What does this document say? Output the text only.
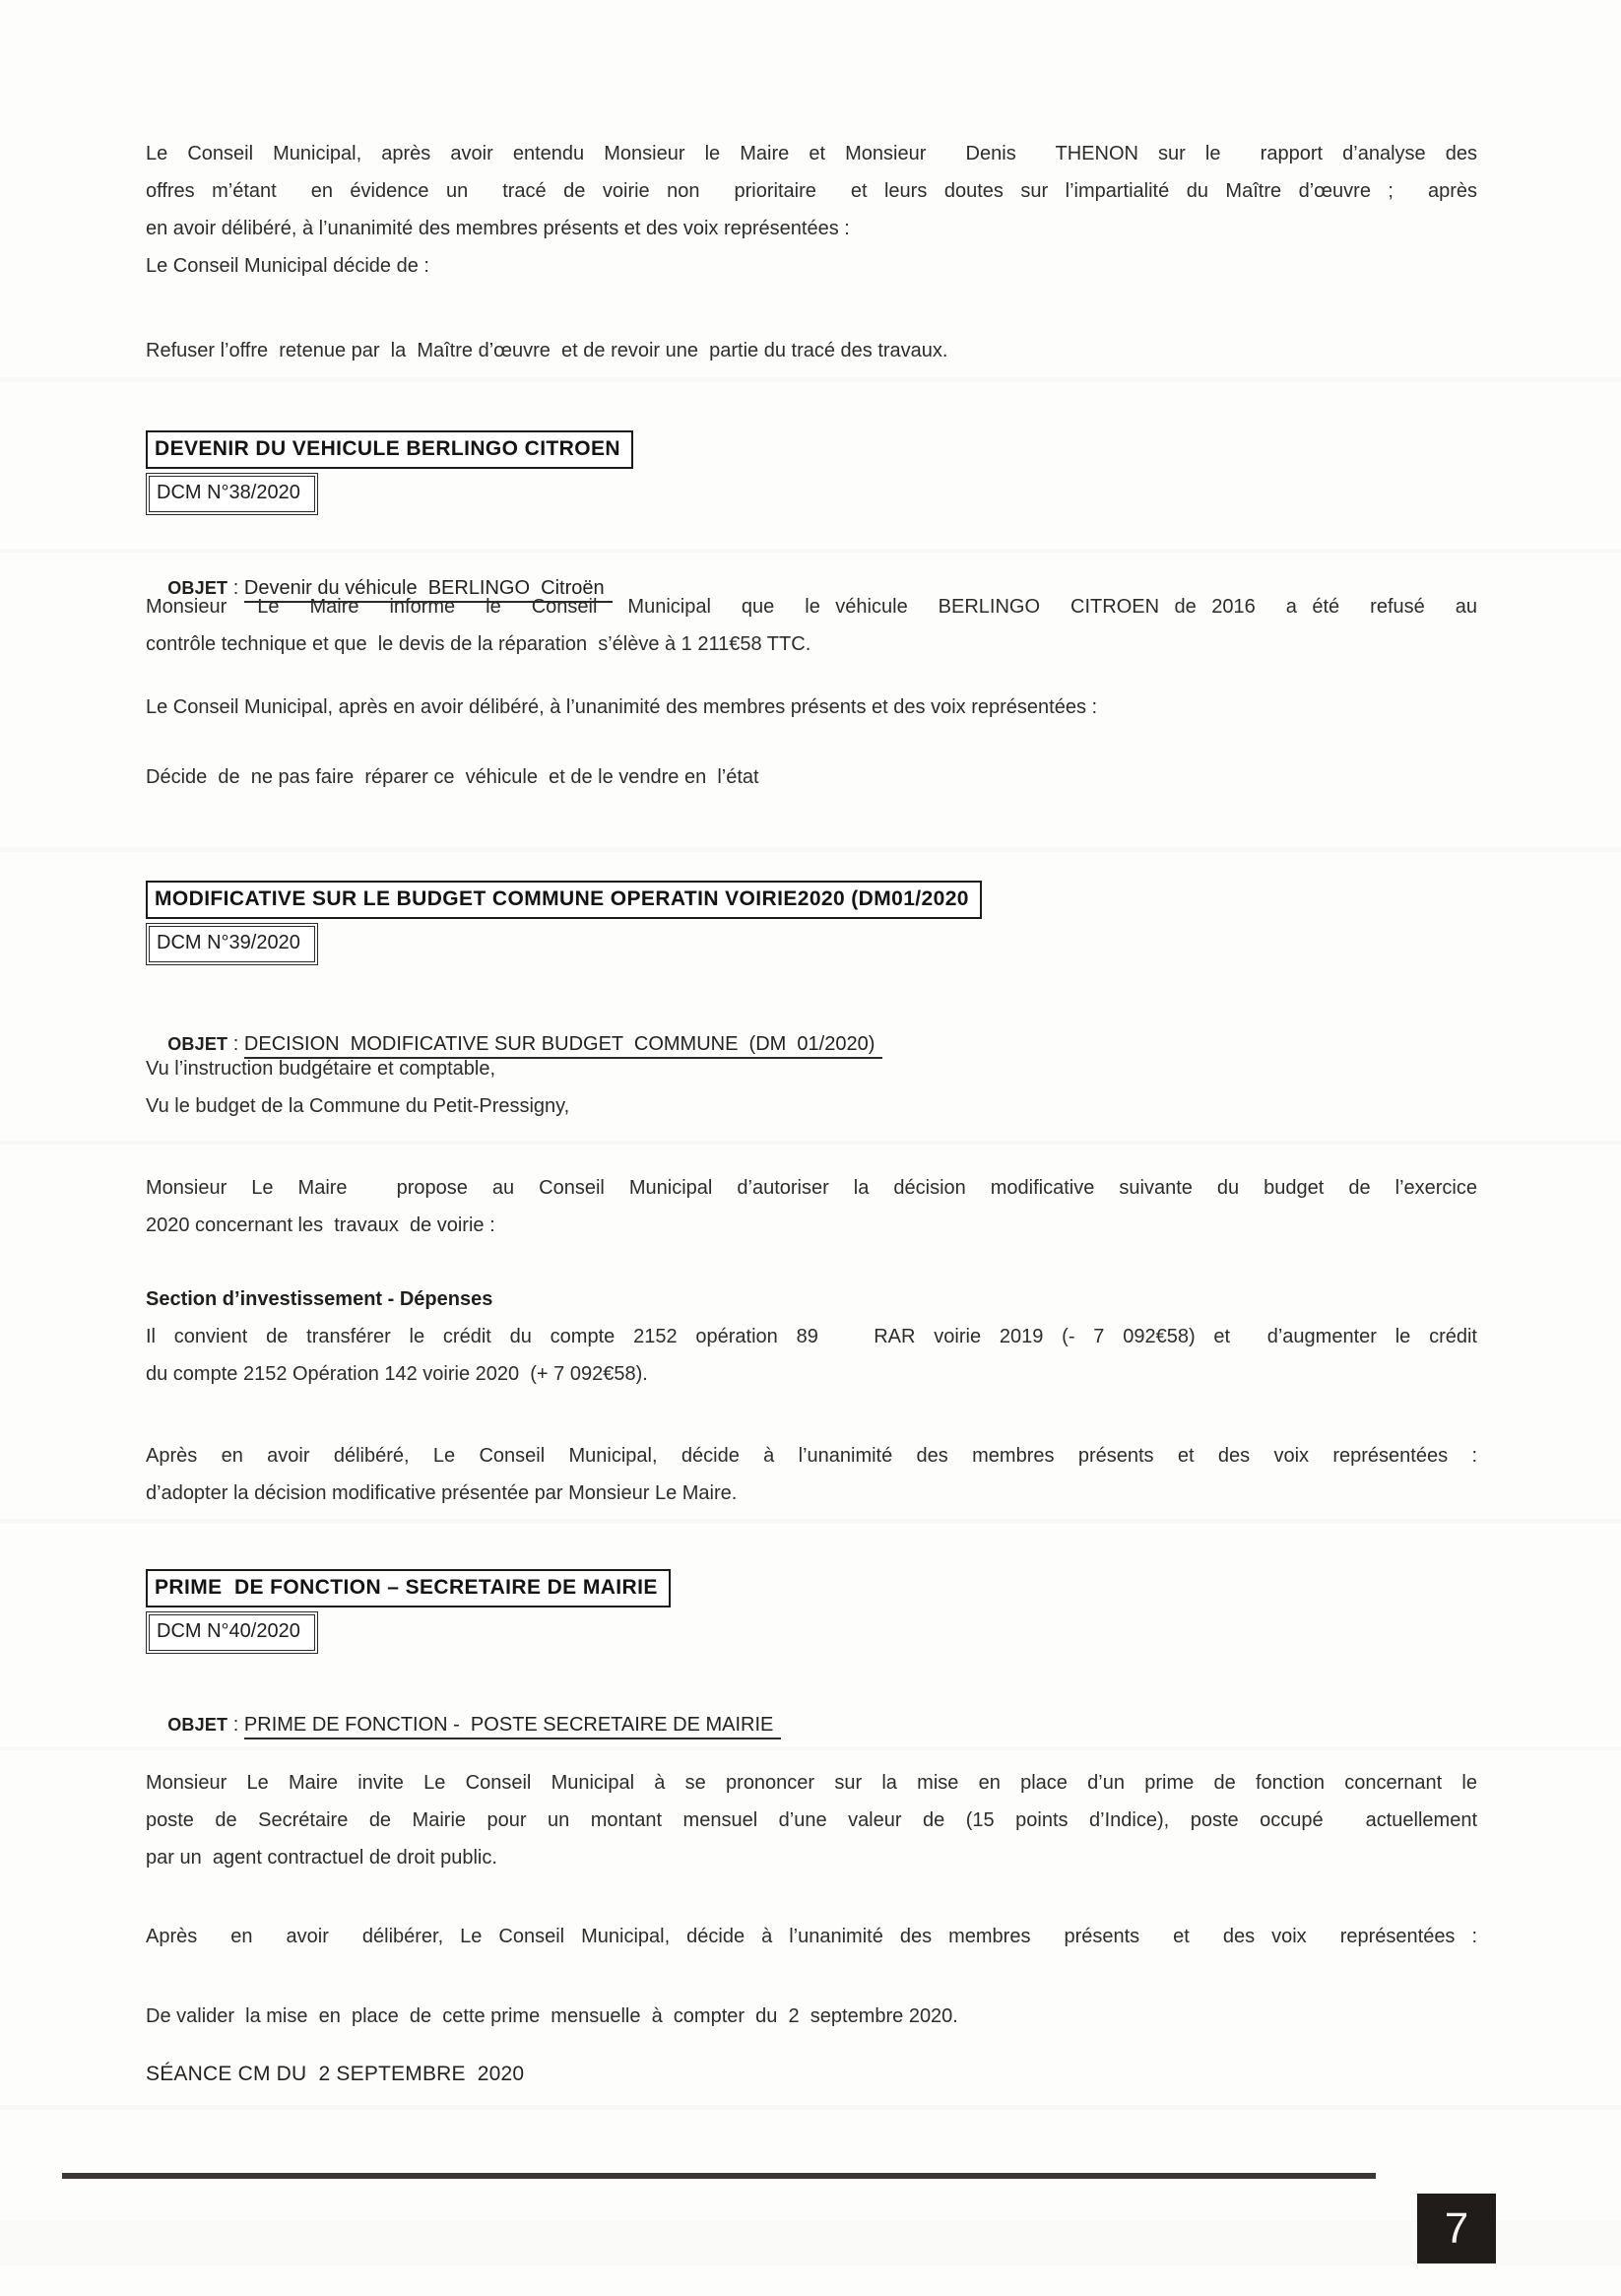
Le Conseil Municipal, après avoir entendu Monsieur le Maire et Monsieur  Denis  THENON sur le  rapport d’analyse des
offres m’étant  en évidence un  tracé de voirie non  prioritaire  et leurs doutes sur l’impartialité du Maître d’œuvre ;  après
en avoir délibéré, à l’unanimité des membres présents et des voix représentées :
Le Conseil Municipal décide de :
Refuser l’offre  retenue par  la  Maître d’œuvre  et de revoir une  partie du tracé des travaux.
DEVENIR DU VEHICULE BERLINGO CITROEN
DCM N°38/2020

OBJET : Devenir du véhicule  BERLINGO  Citroën

Monsieur  Le  Maire  informe  le  Conseil  Municipal  que  le véhicule  BERLINGO  CITROEN de 2016  a été  refusé  au
contrôle technique et que  le devis de la réparation  s’élève à 1 211€58 TTC.
Le Conseil Municipal, après en avoir délibéré, à l’unanimité des membres présents et des voix représentées :
Décide  de  ne pas faire  réparer ce  véhicule  et de le vendre en  l’état
MODIFICATIVE SUR LE BUDGET COMMUNE OPERATIN VOIRIE2020 (DM01/2020
DCM N°39/2020

OBJET : DECISION  MODIFICATIVE SUR BUDGET  COMMUNE  (DM  01/2020)

Vu l’instruction budgétaire et comptable,
Vu le budget de la Commune du Petit-Pressigny,
Monsieur Le Maire  propose au Conseil Municipal d’autoriser la décision modificative suivante du budget de l’exercice
2020 concernant les  travaux  de voirie :
Section d’investissement - Dépenses
Il convient de transférer le crédit du compte 2152 opération 89   RAR voirie 2019 (- 7 092€58) et  d’augmenter le crédit
du compte 2152 Opération 142 voirie 2020  (+ 7 092€58).
Après en avoir délibéré, Le Conseil Municipal, décide à l’unanimité des membres présents et des voix représentées :
d’adopter la décision modificative présentée par Monsieur Le Maire.
PRIME  DE FONCTION – SECRETAIRE DE MAIRIE
DCM N°40/2020

OBJET : PRIME DE FONCTION -  POSTE SECRETAIRE DE MAIRIE

Monsieur Le Maire invite Le Conseil Municipal à se prononcer sur la mise en place d’un prime de fonction concernant le
poste de Secrétaire de Mairie pour un montant mensuel d’une valeur de (15 points d’Indice), poste occupé  actuellement
par un  agent contractuel de droit public.
Après  en  avoir  délibérer, Le Conseil Municipal, décide à l’unanimité des membres  présents  et  des voix  représentées :
De valider  la mise  en  place  de  cette prime  mensuelle  à  compter  du  2  septembre 2020.
SÉANCE CM DU  2 SEPTEMBRE  2020
7
